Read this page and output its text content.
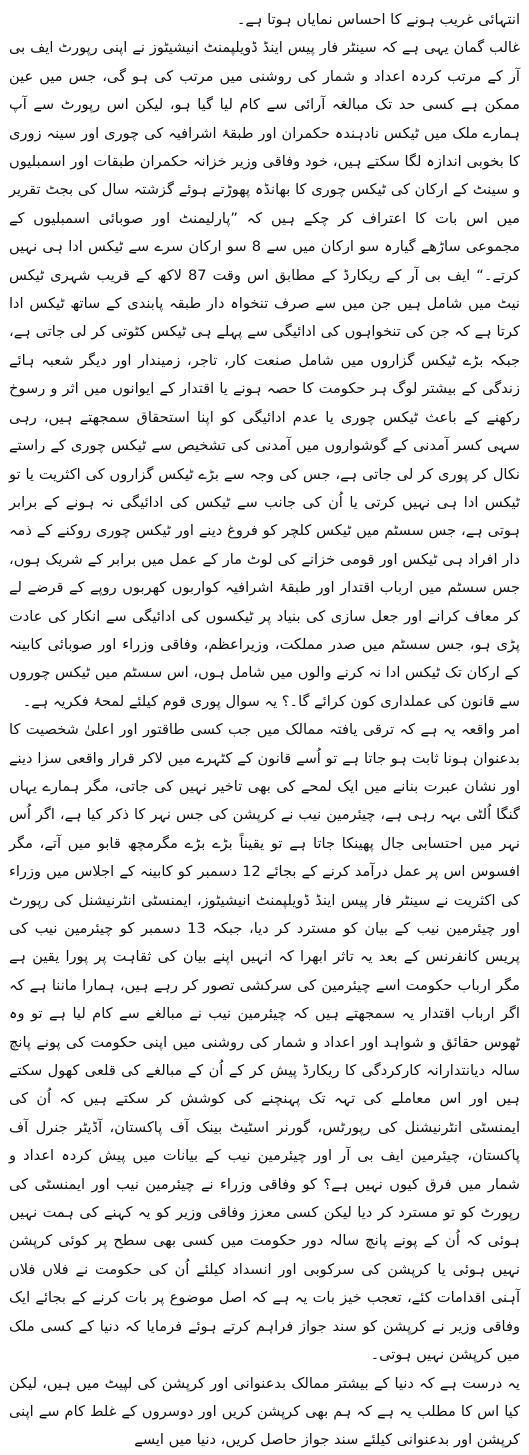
انتہائی غریب ہونے کا احساس نمایاں ہوتا ہے۔

غالب گمان یہی ہے کہ سینٹر فار پیس اینڈ ڈویلپمنٹ انیشیٹوز نے اپنی رپورٹ ایف بی آر کے مرتب کردہ اعداد و شمار کی روشنی میں مرتب کی ہو گی، جس میں عین ممکن ہے کسی حد تک مبالغہ آرائی سے کام لیا گیا ہو، لیکن اس رپورٹ سے آپ ہمارے ملک میں ٹیکس نادہندہ حکمران اور طبقۂ اشرافیہ کی چوری اور سینہ زوری کا بخوبی اندازہ لگا سکتے ہیں، خود وفاقی وزیر خزانہ حکمران طبقات اور اسمبلیوں و سینٹ کے ارکان کی ٹیکس چوری کا بھانڈہ پھوڑتے ہوئے گزشتہ سال کی بجٹ تقریر میں اس بات کا اعتراف کر چکے ہیں کہ ”پارلیمنٹ اور صوبائی اسمبلیوں کے مجموعی ساڑھے گیارہ سو ارکان میں سے 8 سو ارکان سرے سے ٹیکس ادا ہی نہیں کرتے۔“ ایف بی آر کے ریکارڈ کے مطابق اس وقت 87 لاکھ کے قریب شہری ٹیکس نیٹ میں شامل ہیں جن میں سے صرف تنخواہ دار طبقہ پابندی کے ساتھ ٹیکس ادا کرتا ہے کہ جن کی تنخواہوں کی ادائیگی سے پہلے ہی ٹیکس کٹوتی کر لی جاتی ہے، جبکہ بڑے ٹیکس گزاروں میں شامل صنعت کار، تاجر، زمیندار اور دیگر شعبہ ہائے زندگی کے بیشتر لوگ ہر حکومت کا حصہ ہونے یا اقتدار کے ایوانوں میں اثر و رسوخ رکھنے کے باعث ٹیکس چوری یا عدم ادائیگی کو اپنا استحقاق سمجھتے ہیں، رہی سہی کسر آمدنی کے گوشواروں میں آمدنی کی تشخیص سے ٹیکس چوری کے راستے نکال کر پوری کر لی جاتی ہے، جس کی وجہ سے بڑے ٹیکس گزاروں کی اکثریت یا تو ٹیکس ادا ہی نہیں کرتی یا اُن کی جانب سے ٹیکس کی ادائیگی نہ ہونے کے برابر ہوتی ہے، جس سسٹم میں ٹیکس کلچر کو فروغ دینے اور ٹیکس چوری روکنے کے ذمہ دار افراد ہی ٹیکس اور قومی خزانے کی لوٹ مار کے عمل میں برابر کے شریک ہوں، جس سسٹم میں ارباب اقتدار اور طبقۂ اشرافیہ کواربوں کھربوں روپے کے قرضے لے کر معاف کرانے اور جعل سازی کی بنیاد پر ٹیکسوں کی ادائیگی سے انکار کی عادت پڑی ہو، جس سسٹم میں صدر مملکت، وزیراعظم، وفاقی وزراء اور صوبائی کابینہ کے ارکان تک ٹیکس ادا نہ کرنے والوں میں شامل ہوں، اس سسٹم میں ٹیکس چوروں سے قانون کی عملداری کون کرائے گا۔؟ یہ سوال پوری قوم کیلئے لمحۂ فکریہ ہے۔

امر واقعہ یہ ہے کہ ترقی یافتہ ممالک میں جب کسی طاقتور اور اعلیٰ شخصیت کا بدعنوان ہونا ثابت ہو جاتا ہے تو اُسے قانون کے کٹہرے میں لاکر قرار واقعی سزا دینے اور نشان عبرت بنانے میں ایک لمحے کی بھی تاخیر نہیں کی جاتی، مگر ہمارے یہاں گنگا اُلٹی بہہ رہی ہے، چیئرمین نیب نے کرپشن کی جس نہر کا ذکر کیا ہے، اگر اُس نہر میں احتسابی جال پھینکا جاتا ہے تو یقیناً بڑے بڑے مگرمچھ قابو میں آتے، مگر افسوس اس پر عمل درآمد کرنے کے بجائے 12 دسمبر کو کابینہ کے اجلاس میں وزراء کی اکثریت نے سینٹر فار پیس اینڈ ڈویلپمنٹ انیشیٹوز، ایمنسٹی انٹرنیشنل کی رپورٹ اور چیئرمین نیب کے بیان کو مسترد کر دیا، جبکہ 13 دسمبر کو چیئرمین نیب کی پریس کانفرنس کے بعد یہ تاثر ابھرا کہ انہیں اپنے بیان کی ثقاہت پر پورا یقین ہے مگر ارباب حکومت اسے چیئرمین کی سرکشی تصور کر رہے ہیں، ہمارا ماننا ہے کہ اگر ارباب اقتدار یہ سمجھتے ہیں کہ چیئرمین نیب نے مبالغے سے کام لیا ہے تو وہ ٹھوس حقائق و شواہد اور اعداد و شمار کی روشنی میں اپنی حکومت کی پونے پانچ سالہ دیانتدارانہ کارکردگی کا ریکارڈ پیش کر کے اُن کے مبالغے کی قلعی کھول سکتے ہیں اور اس معاملے کی تہہ تک پہنچنے کی کوشش کر سکتے ہیں کہ اُن کی ایمنسٹی انٹرنیشنل کی رپورٹس، گورنر اسٹیٹ بینک آف پاکستان، آڈیٹر جنرل آف پاکستان، چیئرمین ایف بی آر اور چیئرمین نیب کے بیانات میں پیش کردہ اعداد و شمار میں فرق کیوں نہیں ہے؟ کو وفاقی وزراء نے چیئرمین نیب اور ایمنسٹی کی رپورٹ کو تو مسترد کر دیا لیکن کسی معزز وفاقی وزیر کو یہ کہنے کی ہمت نہیں ہوئی کہ اُن کے پونے پانچ سالہ دور حکومت میں کسی بھی سطح پر کوئی کرپشن نہیں ہوئی یا کرپشن کی سرکوبی اور انسداد کیلئے اُن کی حکومت نے فلاں فلاں آہنی اقدامات کئے، تعجب خیز بات یہ ہے کہ اصل موضوع پر بات کرنے کے بجائے ایک وفاقی وزیر نے کرپشن کو سند جواز فراہم کرتے ہوئے فرمایا کہ دنیا کے کسی ملک میں کرپشن نہیں ہوتی۔

یہ درست ہے کہ دنیا کے بیشتر ممالک بدعنوانی اور کرپشن کی لپیٹ میں ہیں، لیکن کیا اس کا مطلب یہ ہے کہ ہم بھی کرپشن کریں اور دوسروں کے غلط کام سے اپنی کرپشن اور بدعنوانی کیلئے سند جواز حاصل کریں، دنیا میں ایسے
